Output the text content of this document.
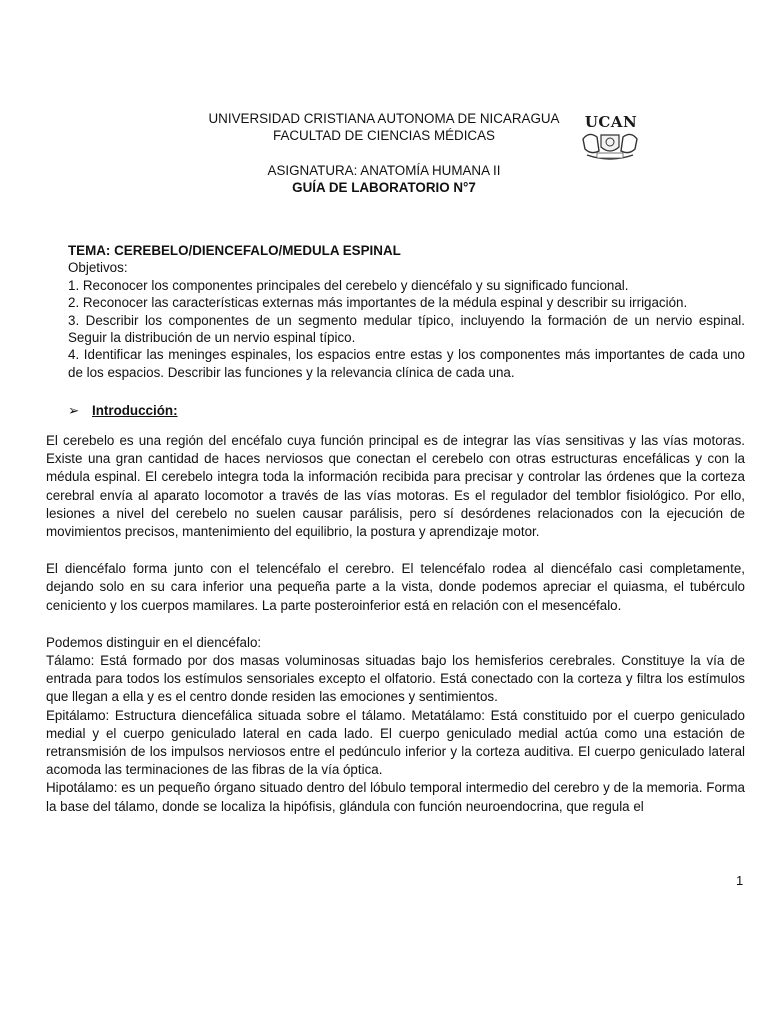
UNIVERSIDAD CRISTIANA AUTONOMA DE NICARAGUA
FACULTAD DE CIENCIAS MÉDICAS
ASIGNATURA: ANATOMÍA HUMANA II
GUÍA DE LABORATORIO N°7
UCAN

TEMA: CEREBELO/DIENCEFALO/MEDULA ESPINAL

Objetivos:

1. Reconocer los componentes principales del cerebelo y diencéfalo y su significado funcional.

2. Reconocer las características externas más importantes de la médula espinal y describir su irrigación.

3. Describir los componentes de un segmento medular típico, incluyendo la formación de un nervio espinal. Seguir la distribución de un nervio espinal típico.

4. Identificar las meninges espinales, los espacios entre estas y los componentes más importantes de cada uno de los espacios. Describir las funciones y la relevancia clínica de cada una.

➢ Introducción:

El cerebelo es una región del encéfalo cuya función principal es de integrar las vías sensitivas y las vías motoras. Existe una gran cantidad de haces nerviosos que conectan el cerebelo con otras estructuras encefálicas y con la médula espinal. El cerebelo integra toda la información recibida para precisar y controlar las órdenes que la corteza cerebral envía al aparato locomotor a través de las vías motoras. Es el regulador del temblor fisiológico. Por ello, lesiones a nivel del cerebelo no suelen causar parálisis, pero sí desórdenes relacionados con la ejecución de movimientos precisos, mantenimiento del equilibrio, la postura y aprendizaje motor.

El diencéfalo forma junto con el telencéfalo el cerebro. El telencéfalo rodea al diencéfalo casi completamente, dejando solo en su cara inferior una pequeña parte a la vista, donde podemos apreciar el quiasma, el tubérculo ceniciento y los cuerpos mamilares. La parte posteroinferior está en relación con el mesencéfalo.

Podemos distinguir en el diencéfalo:

Tálamo: Está formado por dos masas voluminosas situadas bajo los hemisferios cerebrales. Constituye la vía de entrada para todos los estímulos sensoriales excepto el olfatorio. Está conectado con la corteza y filtra los estímulos que llegan a ella y es el centro donde residen las emociones y sentimientos.

Epitálamo: Estructura diencefálica situada sobre el tálamo. Metatálamo: Está constituido por el cuerpo geniculado medial y el cuerpo geniculado lateral en cada lado. El cuerpo geniculado medial actúa como una estación de retransmisión de los impulsos nerviosos entre el pedúnculo inferior y la corteza auditiva. El cuerpo geniculado lateral acomoda las terminaciones de las fibras de la vía óptica.

Hipotálamo: es un pequeño órgano situado dentro del lóbulo temporal intermedio del cerebro y de la memoria. Forma la base del tálamo, donde se localiza la hipófisis, glándula con función neuroendocrina, que regula el

1
